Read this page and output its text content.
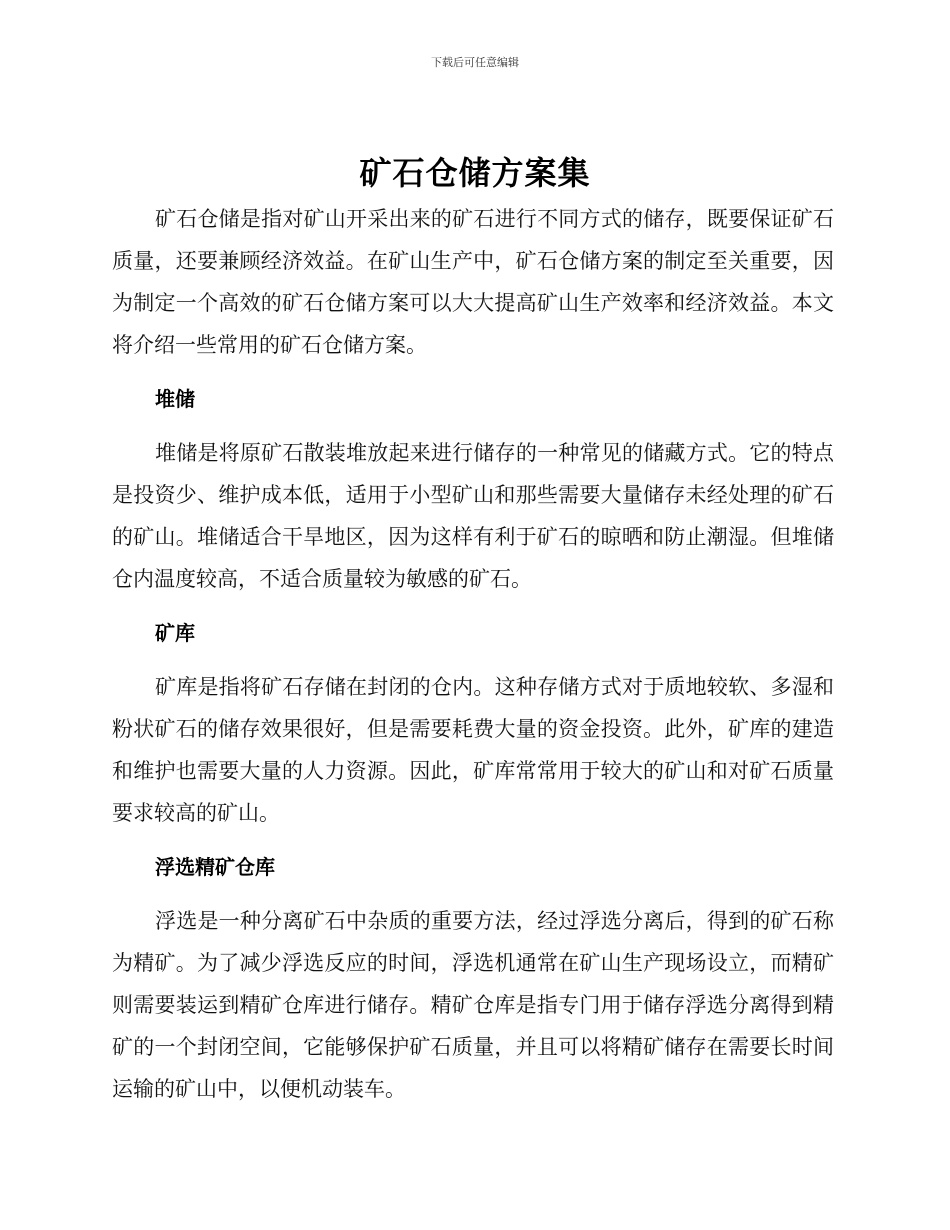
下载后可任意编辑
矿石仓储方案集

矿石仓储是指对矿山开采出来的矿石进行不同方式的储存，既要保证矿石质量，还要兼顾经济效益。在矿山生产中，矿石仓储方案的制定至关重要，因为制定一个高效的矿石仓储方案可以大大提高矿山生产效率和经济效益。本文将介绍一些常用的矿石仓储方案。

堆储

堆储是将原矿石散装堆放起来进行储存的一种常见的储藏方式。它的特点是投资少、维护成本低，适用于小型矿山和那些需要大量储存未经处理的矿石的矿山。堆储适合干旱地区，因为这样有利于矿石的晾晒和防止潮湿。但堆储仓内温度较高，不适合质量较为敏感的矿石。

矿库

矿库是指将矿石存储在封闭的仓内。这种存储方式对于质地较软、多湿和粉状矿石的储存效果很好，但是需要耗费大量的资金投资。此外，矿库的建造和维护也需要大量的人力资源。因此，矿库常常用于较大的矿山和对矿石质量要求较高的矿山。

浮选精矿仓库

浮选是一种分离矿石中杂质的重要方法，经过浮选分离后，得到的矿石称为精矿。为了减少浮选反应的时间，浮选机通常在矿山生产现场设立，而精矿则需要装运到精矿仓库进行储存。精矿仓库是指专门用于储存浮选分离得到精矿的一个封闭空间，它能够保护矿石质量，并且可以将精矿储存在需要长时间运输的矿山中，以便机动装车。
